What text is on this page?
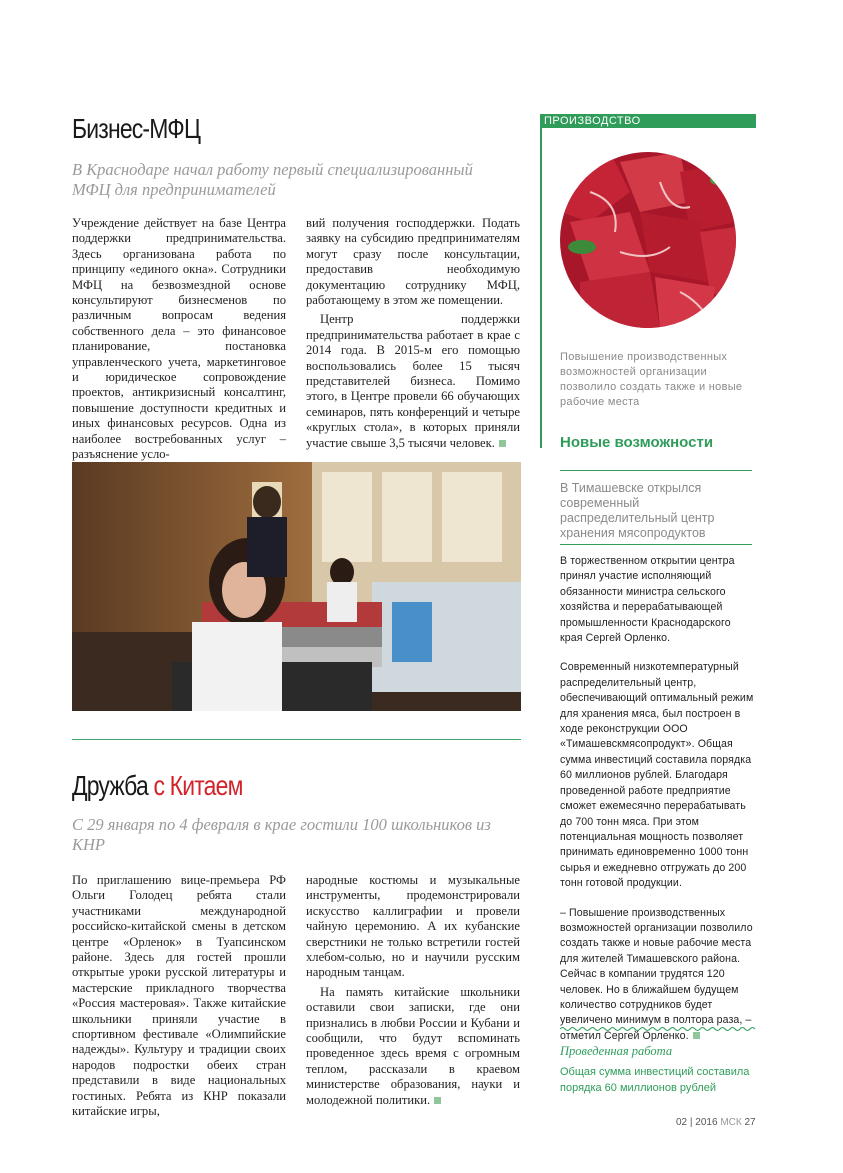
Бизнес-МФЦ
В Краснодаре начал работу первый специализированный МФЦ для предпринимателей

Учреждение действует на базе Центра поддержки предпринимательства. Здесь организована работа по принципу «единого окна». Сотрудники МФЦ на безвозмездной основе консультируют бизнесменов по различным вопросам ведения собственного дела – это финансовое планирование, постановка управленческого учета, маркетинговое и юридическое сопровождение проектов, антикризисный консалтинг, повышение доступности кредитных и иных финансовых ресурсов. Одна из наиболее востребованных услуг – разъяснение усло-

вий получения господдержки. Подать заявку на субсидию предпринимателям могут сразу после консультации, предоставив необходимую документацию сотруднику МФЦ, работающему в этом же помещении.

Центр поддержки предпринимательства работает в крае с 2014 года. В 2015-м его помощью воспользовались более 15 тысяч представителей бизнеса. Помимо этого, в Центре провели 66 обучающих семинаров, пять конференций и четыре «круглых стола», в которых приняли участие свыше 3,5 тысячи человек.

Дружба с Китаем
С 29 января по 4 февраля в крае гостили 100 школьников из КНР

По приглашению вице-премьера РФ Ольги Голодец ребята стали участниками международной российско-китайской смены в детском центре «Орленок» в Туапсинском районе. Здесь для гостей прошли открытые уроки русской литературы и мастерские прикладного творчества «Россия мастеровая». Также китайские школьники приняли участие в спортивном фестивале «Олимпийские надежды». Культуру и традиции своих народов подростки обеих стран представили в виде национальных гостиных. Ребята из КНР показали китайские игры,

народные костюмы и музыкальные инструменты, продемонстрировали искусство каллиграфии и провели чайную церемонию. А их кубанские сверстники не только встретили гостей хлебом-солью, но и научили русским народным танцам.

На память китайские школьники оставили свои записки, где они признались в любви России и Кубани и сообщили, что будут вспоминать проведенное здесь время с огромным теплом, рассказали в краевом министерстве образования, науки и молодежной политики.

ПРОИЗВОДСТВО
Повышение производственных возможностей организации позволило создать также и новые рабочие места
Новые возможности
В Тимашевске открылся современный распределительный центр хранения мясопродуктов

В торжественном открытии центра принял участие исполняющий обязанности министра сельского хозяйства и перерабатывающей промышленности Краснодарского края Сергей Орленко.

Современный низкотемпературный распределительный центр, обеспечивающий оптимальный режим для хранения мяса, был построен в ходе реконструкции ООО «Тимашевскмясопродукт». Общая сумма инвестиций составила порядка 60 миллионов рублей. Благодаря проведенной работе предприятие сможет ежемесячно перерабатывать до 700 тонн мяса. При этом потенциальная мощность позволяет принимать единовременно 1000 тонн сырья и ежедневно отгружать до 200 тонн готовой продукции.

– Повышение производственных возможностей организации позволило создать также и новые рабочие места для жителей Тимашевского района. Сейчас в компании трудятся 120 человек. Но в ближайшем будущем количество сотрудников будет увеличено минимум в полтора раза, – отметил Сергей Орленко.

Проведенная работа
Общая сумма инвестиций составила порядка 60 миллионов рублей
02 | 2016 МСК 27
